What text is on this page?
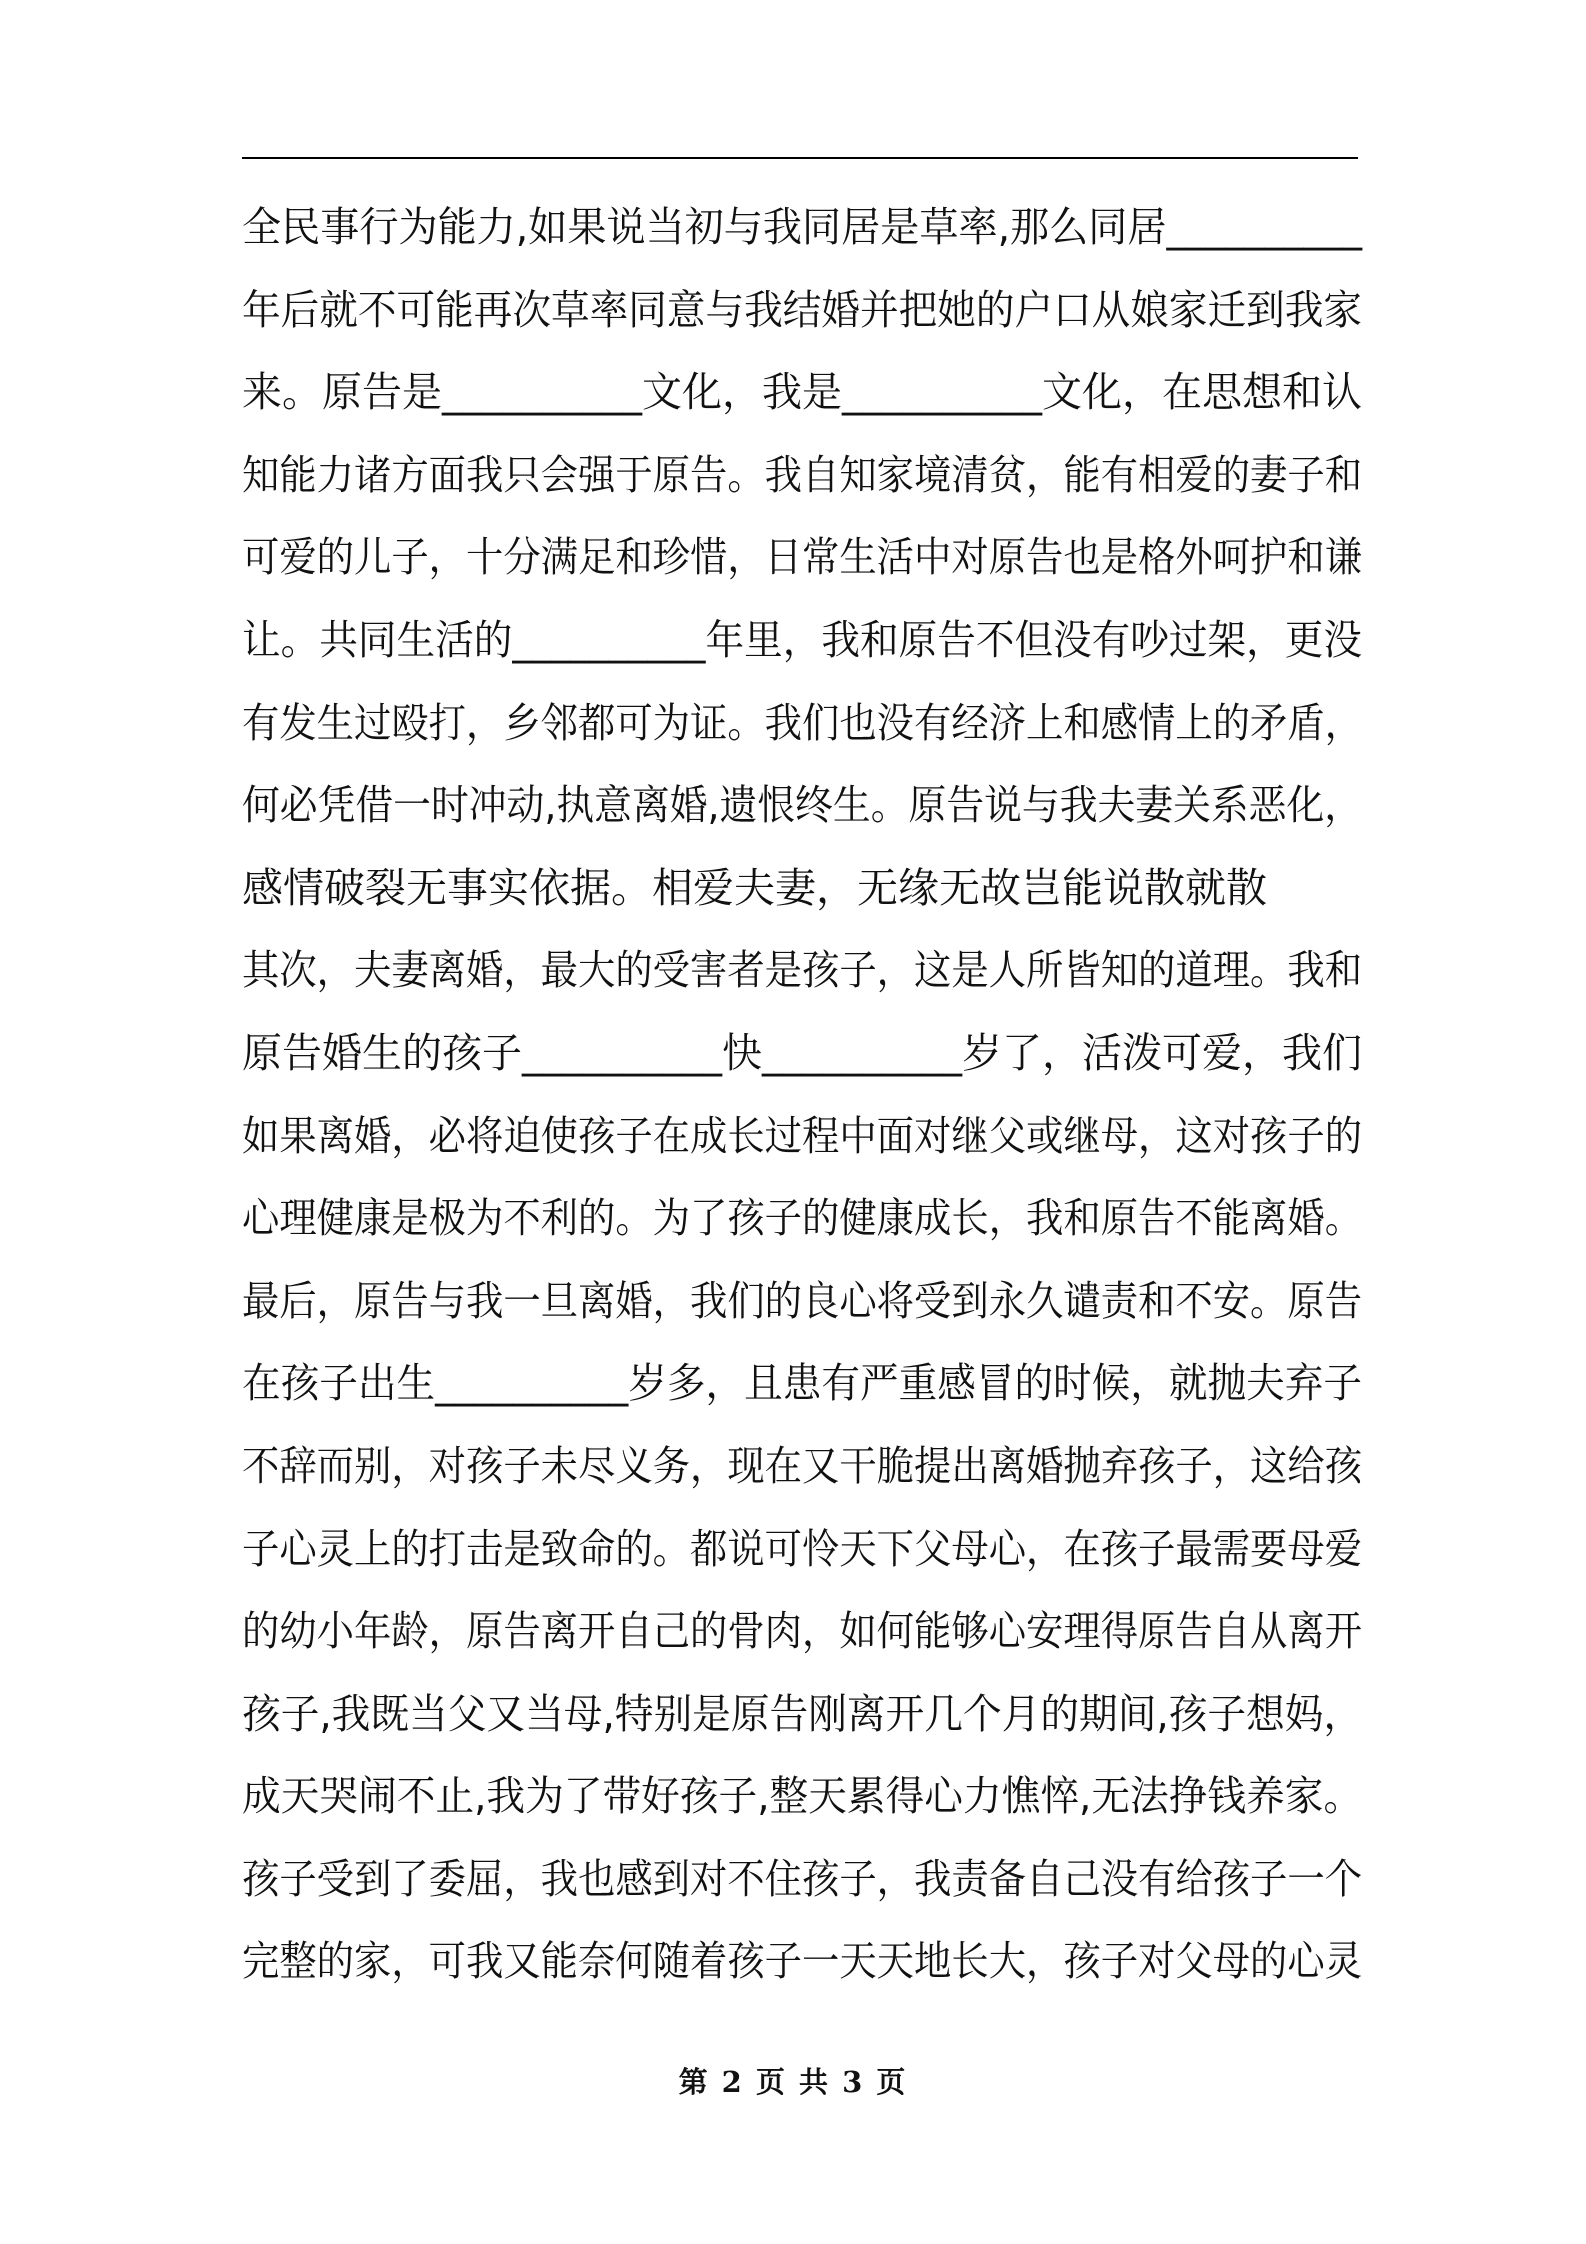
全民事行为能力,如果说当初与我同居是草率,那么同居__________
年后就不可能再次草率同意与我结婚并把她的户口从娘家迁到我家
来。原告是__________文化，我是__________文化，在思想和认
知能力诸方面我只会强于原告。我自知家境清贫，能有相爱的妻子和
可爱的儿子，十分满足和珍惜，日常生活中对原告也是格外呵护和谦
让。共同生活的__________年里，我和原告不但没有吵过架，更没
有发生过殴打，乡邻都可为证。我们也没有经济上和感情上的矛盾，
何必凭借一时冲动,执意离婚,遗恨终生。原告说与我夫妻关系恶化，
感情破裂无事实依据。相爱夫妻，无缘无故岂能说散就散
其次，夫妻离婚，最大的受害者是孩子，这是人所皆知的道理。我和
原告婚生的孩子__________快__________岁了，活泼可爱，我们
如果离婚，必将迫使孩子在成长过程中面对继父或继母，这对孩子的
心理健康是极为不利的。为了孩子的健康成长，我和原告不能离婚。
最后，原告与我一旦离婚，我们的良心将受到永久谴责和不安。原告
在孩子出生__________岁多，且患有严重感冒的时候，就抛夫弃子
不辞而别，对孩子未尽义务，现在又干脆提出离婚抛弃孩子，这给孩
子心灵上的打击是致命的。都说可怜天下父母心，在孩子最需要母爱
的幼小年龄，原告离开自己的骨肉，如何能够心安理得原告自从离开
孩子,我既当父又当母,特别是原告刚离开几个月的期间,孩子想妈，
成天哭闹不止,我为了带好孩子,整天累得心力憔悴,无法挣钱养家。
孩子受到了委屈，我也感到对不住孩子，我责备自己没有给孩子一个
完整的家，可我又能奈何随着孩子一天天地长大，孩子对父母的心灵
第 2 页 共 3 页
